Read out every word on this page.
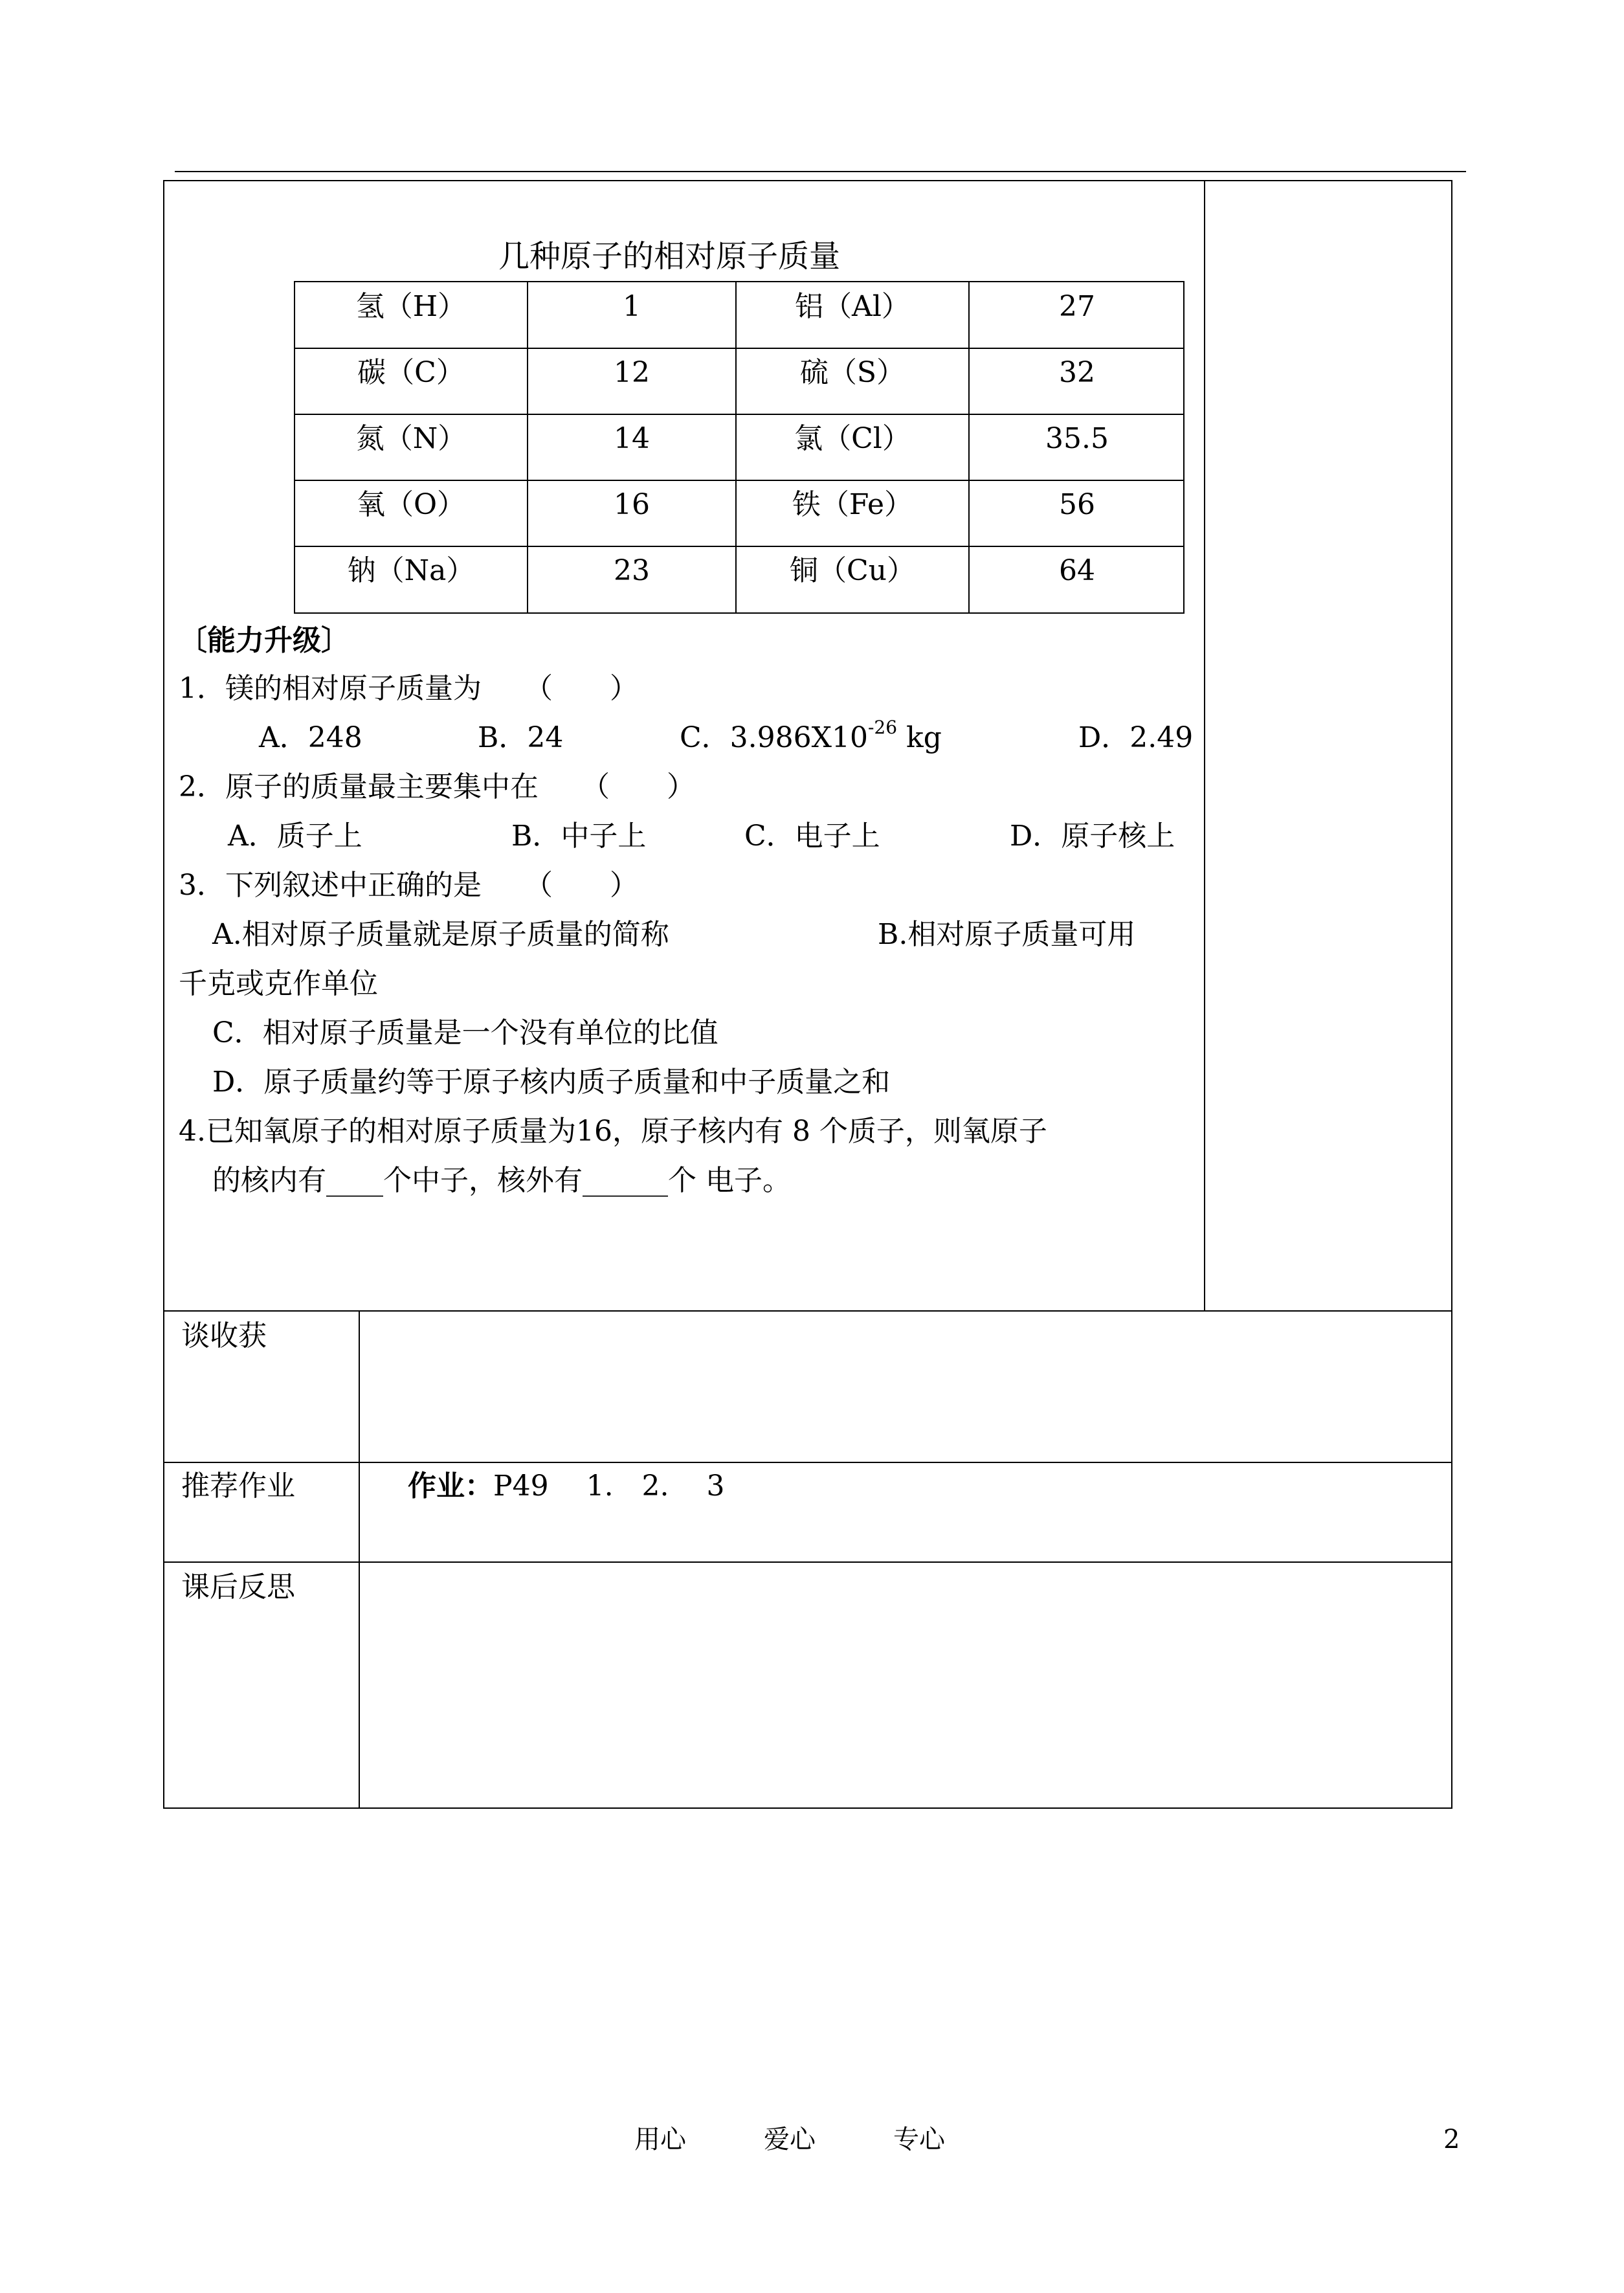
几种原子的相对原子质量
氢（H）	1	铝（Al）	27
碳（C）	12	硫（S）	32
氮（N）	14	氯（Cl）	35.5
氧（O）	16	铁（Fe）	56
钠（Na）	23	铜（Cu）	64
〔能力升级〕
1．镁的相对原子质量为　　（　　）
A．248	B．24	C．$3.986X10^{-26}$ kg	D．2.49
2．原子的质量最主要集中在　　（　　）
A．质子上	B．中子上	C．电子上	D．原子核上
3．下列叙述中正确的是　　（　　）
A.相对原子质量就是原子质量的简称	B.相对原子质量可用
千克或克作单位
C．相对原子质量是一个没有单位的比值
D．原子质量约等于原子核内质子质量和中子质量之和
4.已知氧原子的相对原子质量为16，原子核内有 8 个质子，则氧原子
的核内有____个中子，核外有______个 电子。
谈收获
推荐作业	作业：P49　 1.　2.　 3
课后反思
用心	爱心	专心	2
